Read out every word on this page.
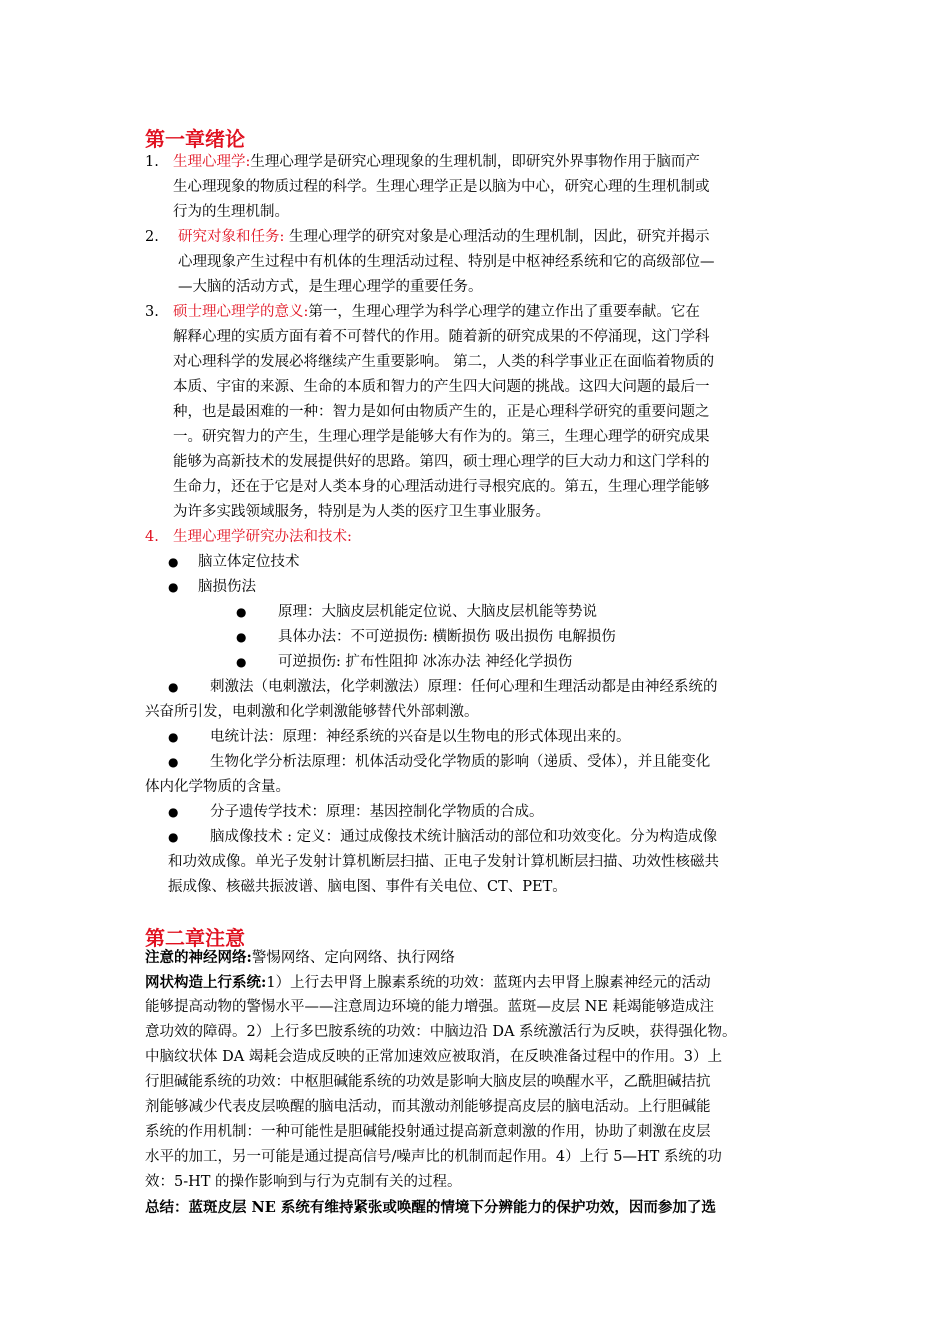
第一章绪论
1. 生理心理学:生理心理学是研究心理现象的生理机制，即研究外界事物作用于脑而产
生心理现象的物质过程的科学。生理心理学正是以脑为中心，研究心理的生理机制或
行为的生理机制。
2. 研究对象和任务: 生理心理学的研究对象是心理活动的生理机制，因此，研究并揭示
心理现象产生过程中有机体的生理活动过程、特别是中枢神经系统和它的高级部位—
—大脑的活动方式，是生理心理学的重要任务。
3. 硕士理心理学的意义:第一，生理心理学为科学心理学的建立作出了重要奉献。它在
解释心理的实质方面有着不可替代的作用。随着新的研究成果的不停涌现，这门学科
对心理科学的发展必将继续产生重要影响。 第二，人类的科学事业正在面临着物质的
本质、宇宙的来源、生命的本质和智力的产生四大问题的挑战。这四大问题的最后一
种，也是最困难的一种：智力是如何由物质产生的，正是心理科学研究的重要问题之
一。研究智力的产生，生理心理学是能够大有作为的。第三，生理心理学的研究成果
能够为高新技术的发展提供好的思路。第四，硕士理心理学的巨大动力和这门学科的
生命力，还在于它是对人类本身的心理活动进行寻根究底的。第五，生理心理学能够
为许多实践领域服务，特别是为人类的医疗卫生事业服务。
4. 生理心理学研究办法和技术:
● 脑立体定位技术
● 脑损伤法
● 原理：大脑皮层机能定位说、大脑皮层机能等势说
● 具体办法：不可逆损伤: 横断损伤 吸出损伤 电解损伤
● 可逆损伤: 扩布性阻抑 冰冻办法 神经化学损伤
● 刺激法（电刺激法，化学刺激法）原理：任何心理和生理活动都是由神经系统的
兴奋所引发，电刺激和化学刺激能够替代外部刺激。
● 电统计法：原理：神经系统的兴奋是以生物电的形式体现出来的。
● 生物化学分析法原理：机体活动受化学物质的影响（递质、受体），并且能变化
体内化学物质的含量。
● 分子遗传学技术：原理：基因控制化学物质的合成。
● 脑成像技术 : 定义：通过成像技术统计脑活动的部位和功效变化。分为构造成像
和功效成像。单光子发射计算机断层扫描、正电子发射计算机断层扫描、功效性核磁共
振成像、核磁共振波谱、脑电图、事件有关电位、CT、PET。
第二章注意
注意的神经网络:警惕网络、定向网络、执行网络
网状构造上行系统:1）上行去甲肾上腺素系统的功效：蓝斑内去甲肾上腺素神经元的活动
能够提高动物的警惕水平——注意周边环境的能力增强。蓝斑—皮层 NE 耗竭能够造成注
意功效的障碍。2）上行多巴胺系统的功效：中脑边沿 DA 系统激活行为反映，获得强化物。
中脑纹状体 DA 竭耗会造成反映的正常加速效应被取消，在反映准备过程中的作用。3）上
行胆碱能系统的功效：中枢胆碱能系统的功效是影响大脑皮层的唤醒水平，乙酰胆碱拮抗
剂能够减少代表皮层唤醒的脑电活动，而其激动剂能够提高皮层的脑电活动。上行胆碱能
系统的作用机制：一种可能性是胆碱能投射通过提高新意刺激的作用，协助了刺激在皮层
水平的加工，另一可能是通过提高信号/噪声比的机制而起作用。4）上行 5—HT 系统的功
效：5-HT 的操作影响到与行为克制有关的过程。
总结：蓝斑皮层 NE 系统有维持紧张或唤醒的情境下分辨能力的保护功效，因而参加了选
